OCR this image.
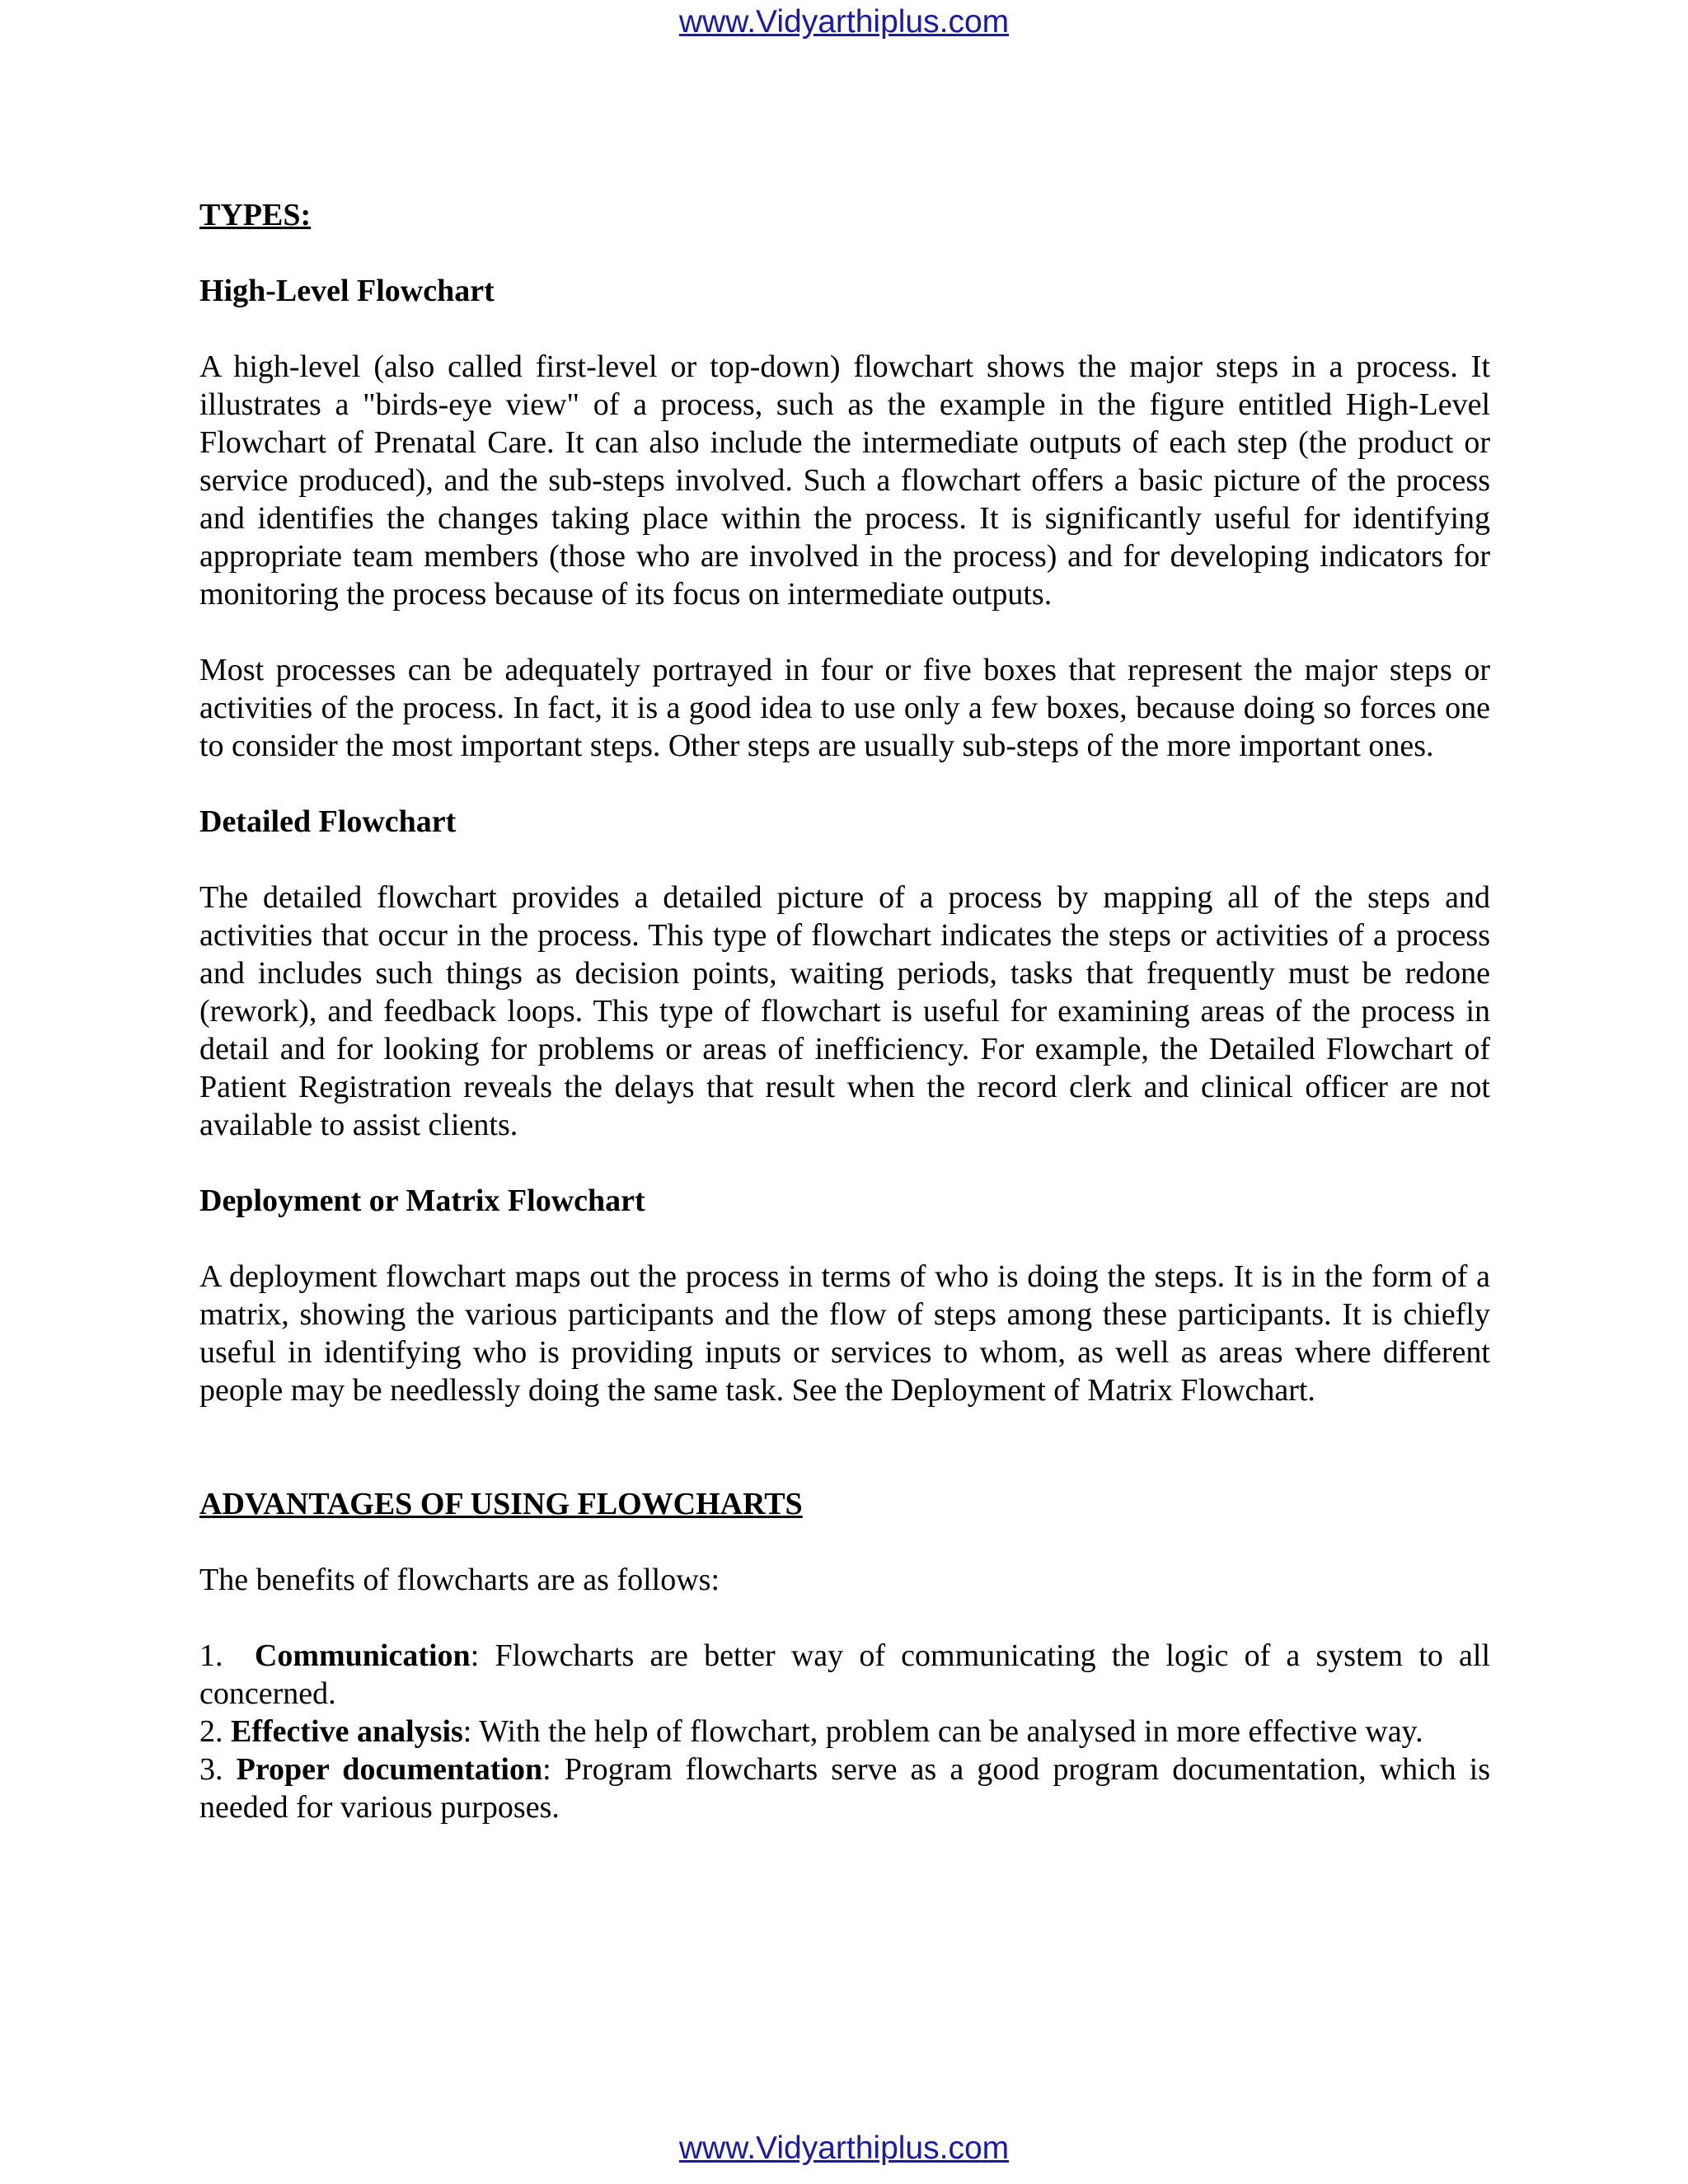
www.Vidyarthiplus.com

TYPES:

High-Level Flowchart

A high-level (also called first-level or top-down) flowchart shows the major steps in a process. It illustrates a "birds-eye view" of a process, such as the example in the figure entitled High-Level Flowchart of Prenatal Care. It can also include the intermediate outputs of each step (the product or service produced), and the sub-steps involved. Such a flowchart offers a basic picture of the process and identifies the changes taking place within the process. It is significantly useful for identifying appropriate team members (those who are involved in the process) and for developing indicators for monitoring the process because of its focus on intermediate outputs.

Most processes can be adequately portrayed in four or five boxes that represent the major steps or activities of the process. In fact, it is a good idea to use only a few boxes, because doing so forces one to consider the most important steps. Other steps are usually sub-steps of the more important ones.

Detailed Flowchart

The detailed flowchart provides a detailed picture of a process by mapping all of the steps and activities that occur in the process. This type of flowchart indicates the steps or activities of a process and includes such things as decision points, waiting periods, tasks that frequently must be redone (rework), and feedback loops. This type of flowchart is useful for examining areas of the process in detail and for looking for problems or areas of inefficiency. For example, the Detailed Flowchart of Patient Registration reveals the delays that result when the record clerk and clinical officer are not available to assist clients.

Deployment or Matrix Flowchart

A deployment flowchart maps out the process in terms of who is doing the steps. It is in the form of a matrix, showing the various participants and the flow of steps among these participants. It is chiefly useful in identifying who is providing inputs or services to whom, as well as areas where different people may be needlessly doing the same task. See the Deployment of Matrix Flowchart.

ADVANTAGES OF USING FLOWCHARTS

The benefits of flowcharts are as follows:

1. Communication: Flowcharts are better way of communicating the logic of a system to all concerned.

2. Effective analysis: With the help of flowchart, problem can be analysed in more effective way.

3. Proper documentation: Program flowcharts serve as a good program documentation, which is needed for various purposes.

www.Vidyarthiplus.com
